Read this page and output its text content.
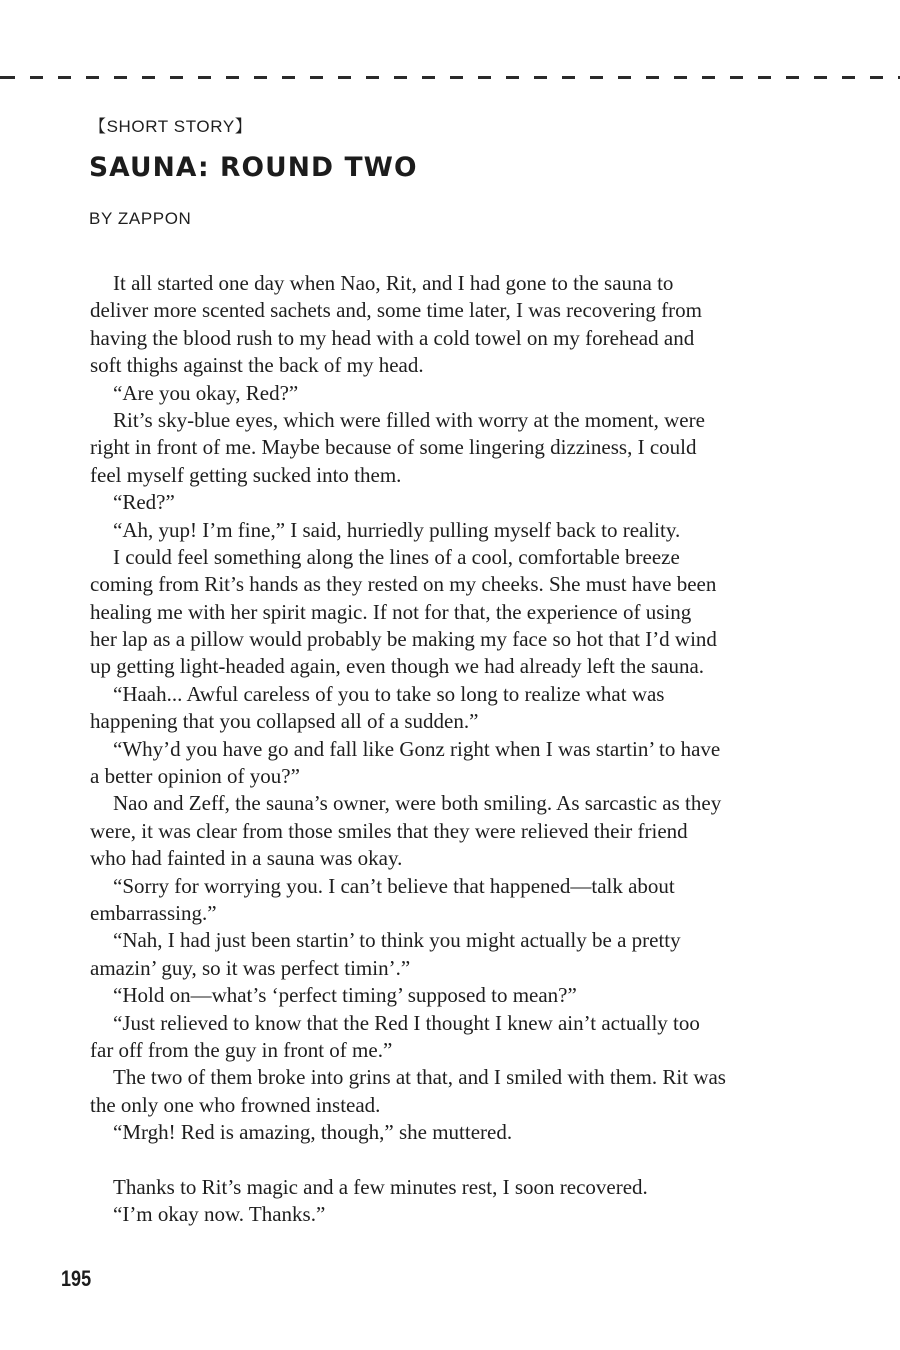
【SHORT STORY】
SAUNA: ROUND TWO
BY ZAPPON
It all started one day when Nao, Rit, and I had gone to the sauna to
deliver more scented sachets and, some time later, I was recovering from
having the blood rush to my head with a cold towel on my forehead and
soft thighs against the back of my head.
“Are you okay, Red?”
Rit’s sky-blue eyes, which were filled with worry at the moment, were
right in front of me. Maybe because of some lingering dizziness, I could
feel myself getting sucked into them.
“Red?”
“Ah, yup! I’m fine,” I said, hurriedly pulling myself back to reality.
I could feel something along the lines of a cool, comfortable breeze
coming from Rit’s hands as they rested on my cheeks. She must have been
healing me with her spirit magic. If not for that, the experience of using
her lap as a pillow would probably be making my face so hot that I’d wind
up getting light-headed again, even though we had already left the sauna.
“Haah... Awful careless of you to take so long to realize what was
happening that you collapsed all of a sudden.”
“Why’d you have go and fall like Gonz right when I was startin’ to have
a better opinion of you?”
Nao and Zeff, the sauna’s owner, were both smiling. As sarcastic as they
were, it was clear from those smiles that they were relieved their friend
who had fainted in a sauna was okay.
“Sorry for worrying you. I can’t believe that happened—talk about
embarrassing.”
“Nah, I had just been startin’ to think you might actually be a pretty
amazin’ guy, so it was perfect timin’.”
“Hold on—what’s ‘perfect timing’ supposed to mean?”
“Just relieved to know that the Red I thought I knew ain’t actually too
far off from the guy in front of me.”
The two of them broke into grins at that, and I smiled with them. Rit was
the only one who frowned instead.
“Mrgh! Red is amazing, though,” she muttered.
Thanks to Rit’s magic and a few minutes rest, I soon recovered.
“I’m okay now. Thanks.”
195
